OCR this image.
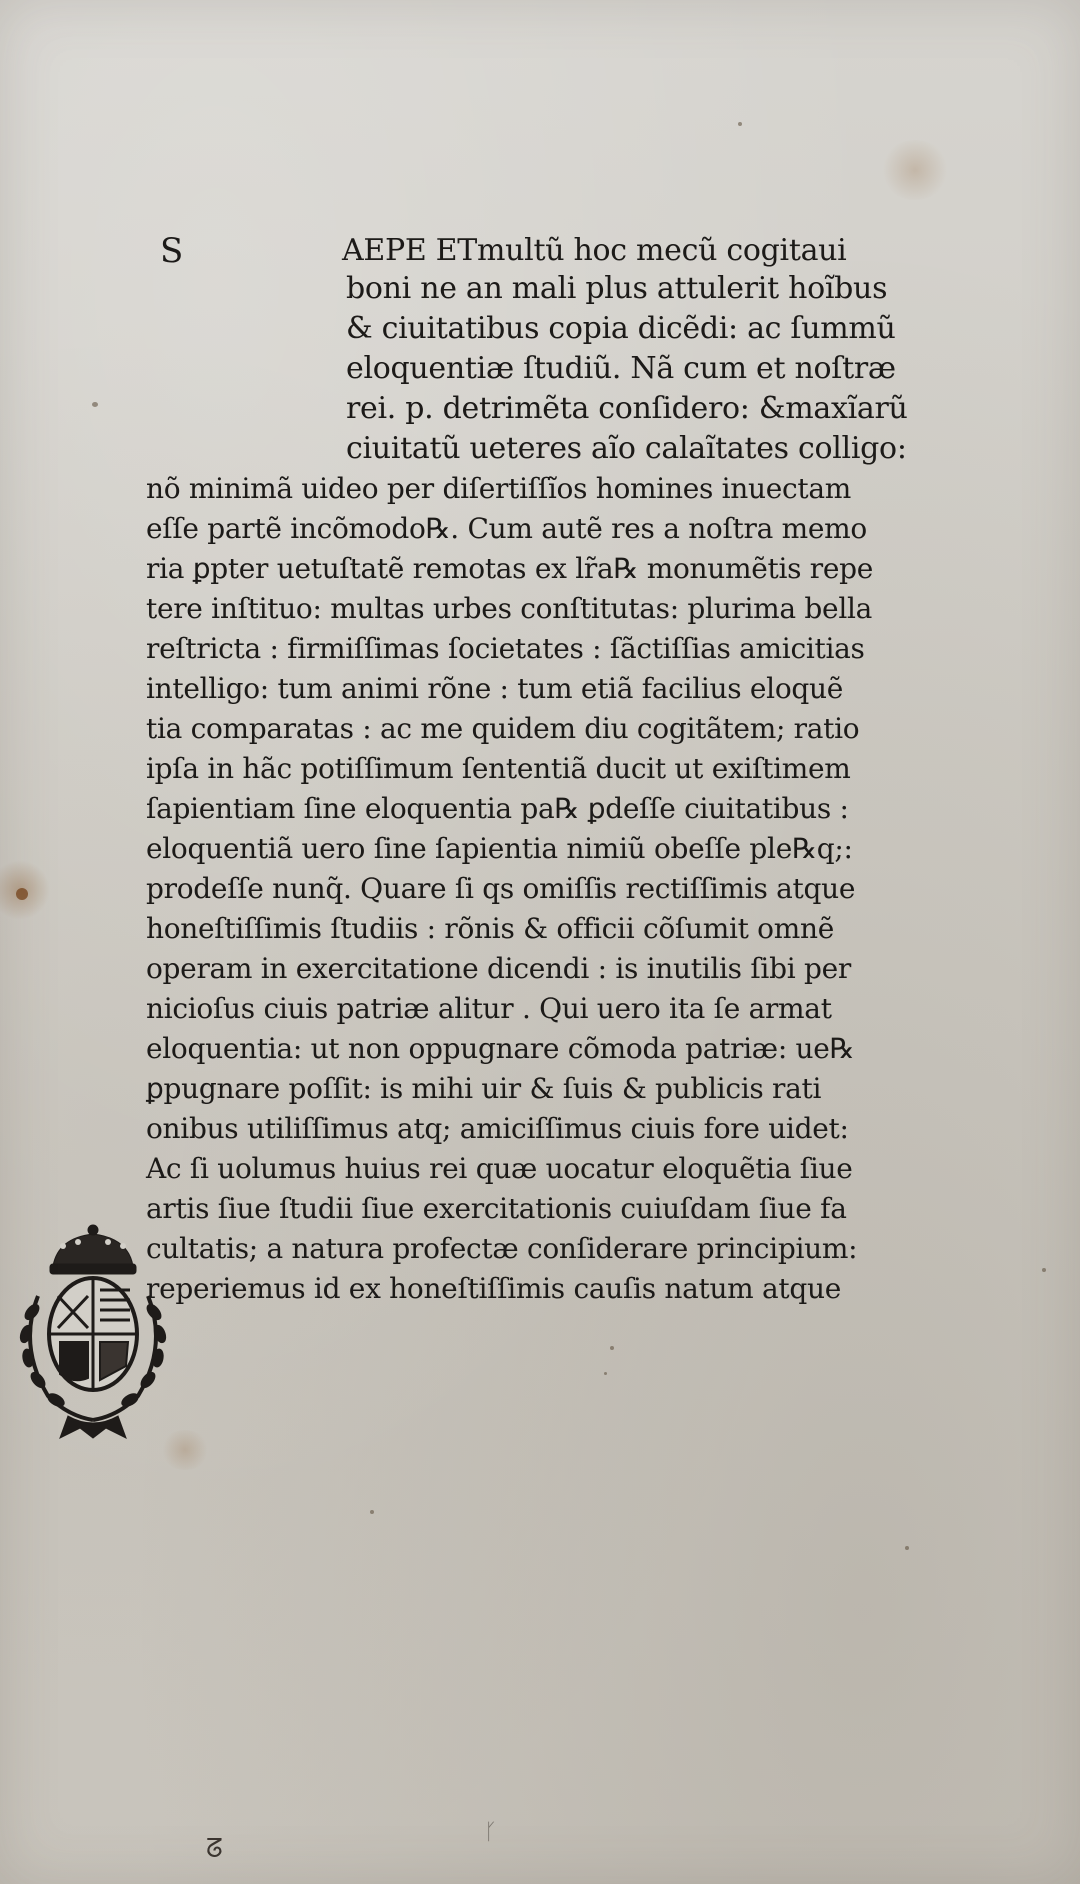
ᘔ
ᚴ
S	AEPE ETmultũ hoc mecũ cogitaui
boni ne an mali plus attulerit hoĩbus
& ciuitatibus copia dicẽdi: ac ſummũ
eloquentiæ ſtudiũ. Nã cum et noſtræ
rei. p. detrimẽta conſidero: &maxĩarũ
ciuitatũ ueteres aĩo calaĩtates colligo:
nõ minimã uideo per diſertiſſĩos homines inuectam
eſſe partẽ incõmodo℞. Cum autẽ res a noſtra memo
ria ꝑpter uetuſtatẽ remotas ex lr̃a℞ monumẽtis repe
tere inſtituo: multas urbes conſtitutas: plurima bella
reſtricta : firmiſſimas ſocietates : ſãctiſſias amicitias
intelligo: tum animi rõne : tum etiã facilius eloquẽ
tia comparatas : ac me quidem diu cogitãtem; ratio
ipſa in hãc potiſſimum ſententiã ducit ut exiſtimem
ſapientiam ſine eloquentia pa℞ ꝑdeſſe ciuitatibus :
eloquentiã uero ſine ſapientia nimiũ obeſſe ple℞q;:
prodeſſe nunq̃. Quare ſi qs omiſſis rectiſſimis atque
honeſtiſſimis ſtudiis : rõnis & officii cõſumit omnẽ
operam in exercitatione dicendi : is inutilis ſibi per
nicioſus ciuis patriæ alitur . Qui uero ita ſe armat
eloquentia: ut non oppugnare cõmoda patriæ: ue℞
ꝑpugnare poſſit: is mihi uir & ſuis & publicis rati
onibus utiliſſimus atq; amiciſſimus ciuis fore uidet:
Ac ſi uolumus huius rei quæ uocatur eloquẽtia ſiue
artis ſiue ſtudii ſiue exercitationis cuiuſdam ſiue fa
cultatis; a natura profectæ conſiderare principium:
reperiemus id ex honeſtiſſimis cauſis natum atque
